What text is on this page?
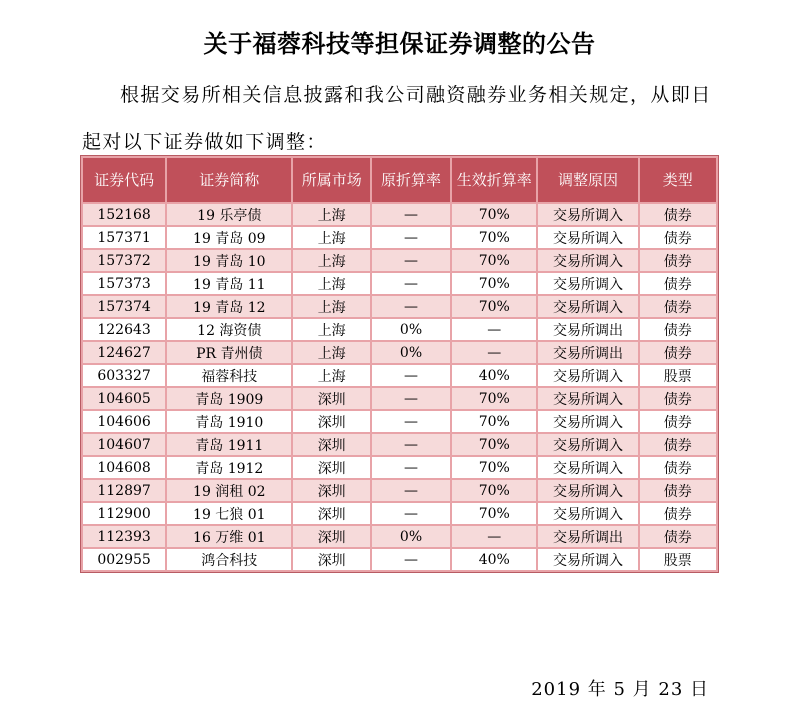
关于福蓉科技等担保证券调整的公告
根据交易所相关信息披露和我公司融资融券业务相关规定，从即日起对以下证券做如下调整：
证券代码	证券简称	所属市场	原折算率	生效折算率	调整原因	类型
152168	19 乐亭债	上海	—	70%	交易所调入	债券
157371	19 青岛 09	上海	—	70%	交易所调入	债券
157372	19 青岛 10	上海	—	70%	交易所调入	债券
157373	19 青岛 11	上海	—	70%	交易所调入	债券
157374	19 青岛 12	上海	—	70%	交易所调入	债券
122643	12 海资债	上海	0%	—	交易所调出	债券
124627	PR 青州债	上海	0%	—	交易所调出	债券
603327	福蓉科技	上海	—	40%	交易所调入	股票
104605	青岛 1909	深圳	—	70%	交易所调入	债券
104606	青岛 1910	深圳	—	70%	交易所调入	债券
104607	青岛 1911	深圳	—	70%	交易所调入	债券
104608	青岛 1912	深圳	—	70%	交易所调入	债券
112897	19 润租 02	深圳	—	70%	交易所调入	债券
112900	19 七狼 01	深圳	—	70%	交易所调入	债券
112393	16 万维 01	深圳	0%	—	交易所调出	债券
002955	鸿合科技	深圳	—	40%	交易所调入	股票
2019 年 5 月 23 日
